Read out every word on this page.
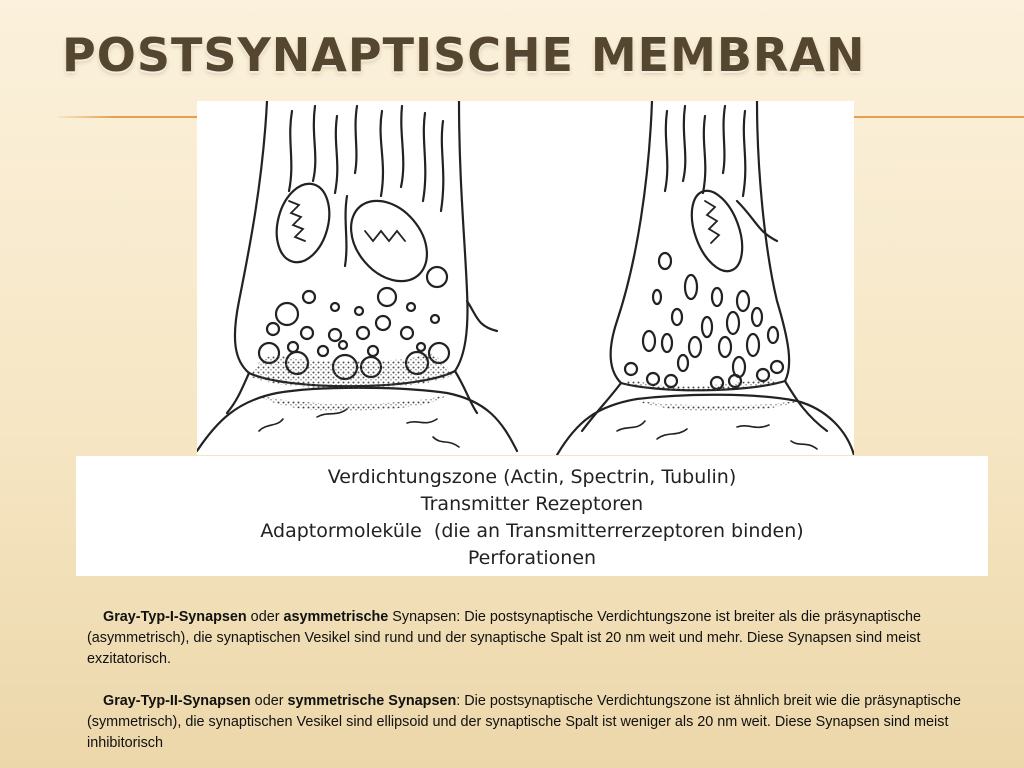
POSTSYNAPTISCHE MEMBRAN
Verdichtungszone (Actin, Spectrin, Tubulin)
Transmitter Rezeptoren
Adaptormoleküle  (die an Transmitterrerzeptoren binden)
Perforationen

Gray-Typ-I-Synapsen oder asymmetrische Synapsen: Die postsynaptische Verdichtungszone ist breiter als die präsynaptische (asymmetrisch), die synaptischen Vesikel sind rund und der synaptische Spalt ist 20 nm weit und mehr. Diese Synapsen sind meist exzitatorisch.

Gray-Typ-II-Synapsen oder symmetrische Synapsen: Die postsynaptische Verdichtungszone ist ähnlich breit wie die präsynaptische (symmetrisch), die synaptischen Vesikel sind ellipsoid und der synaptische Spalt ist weniger als 20 nm weit. Diese Synapsen sind meist inhibitorisch
